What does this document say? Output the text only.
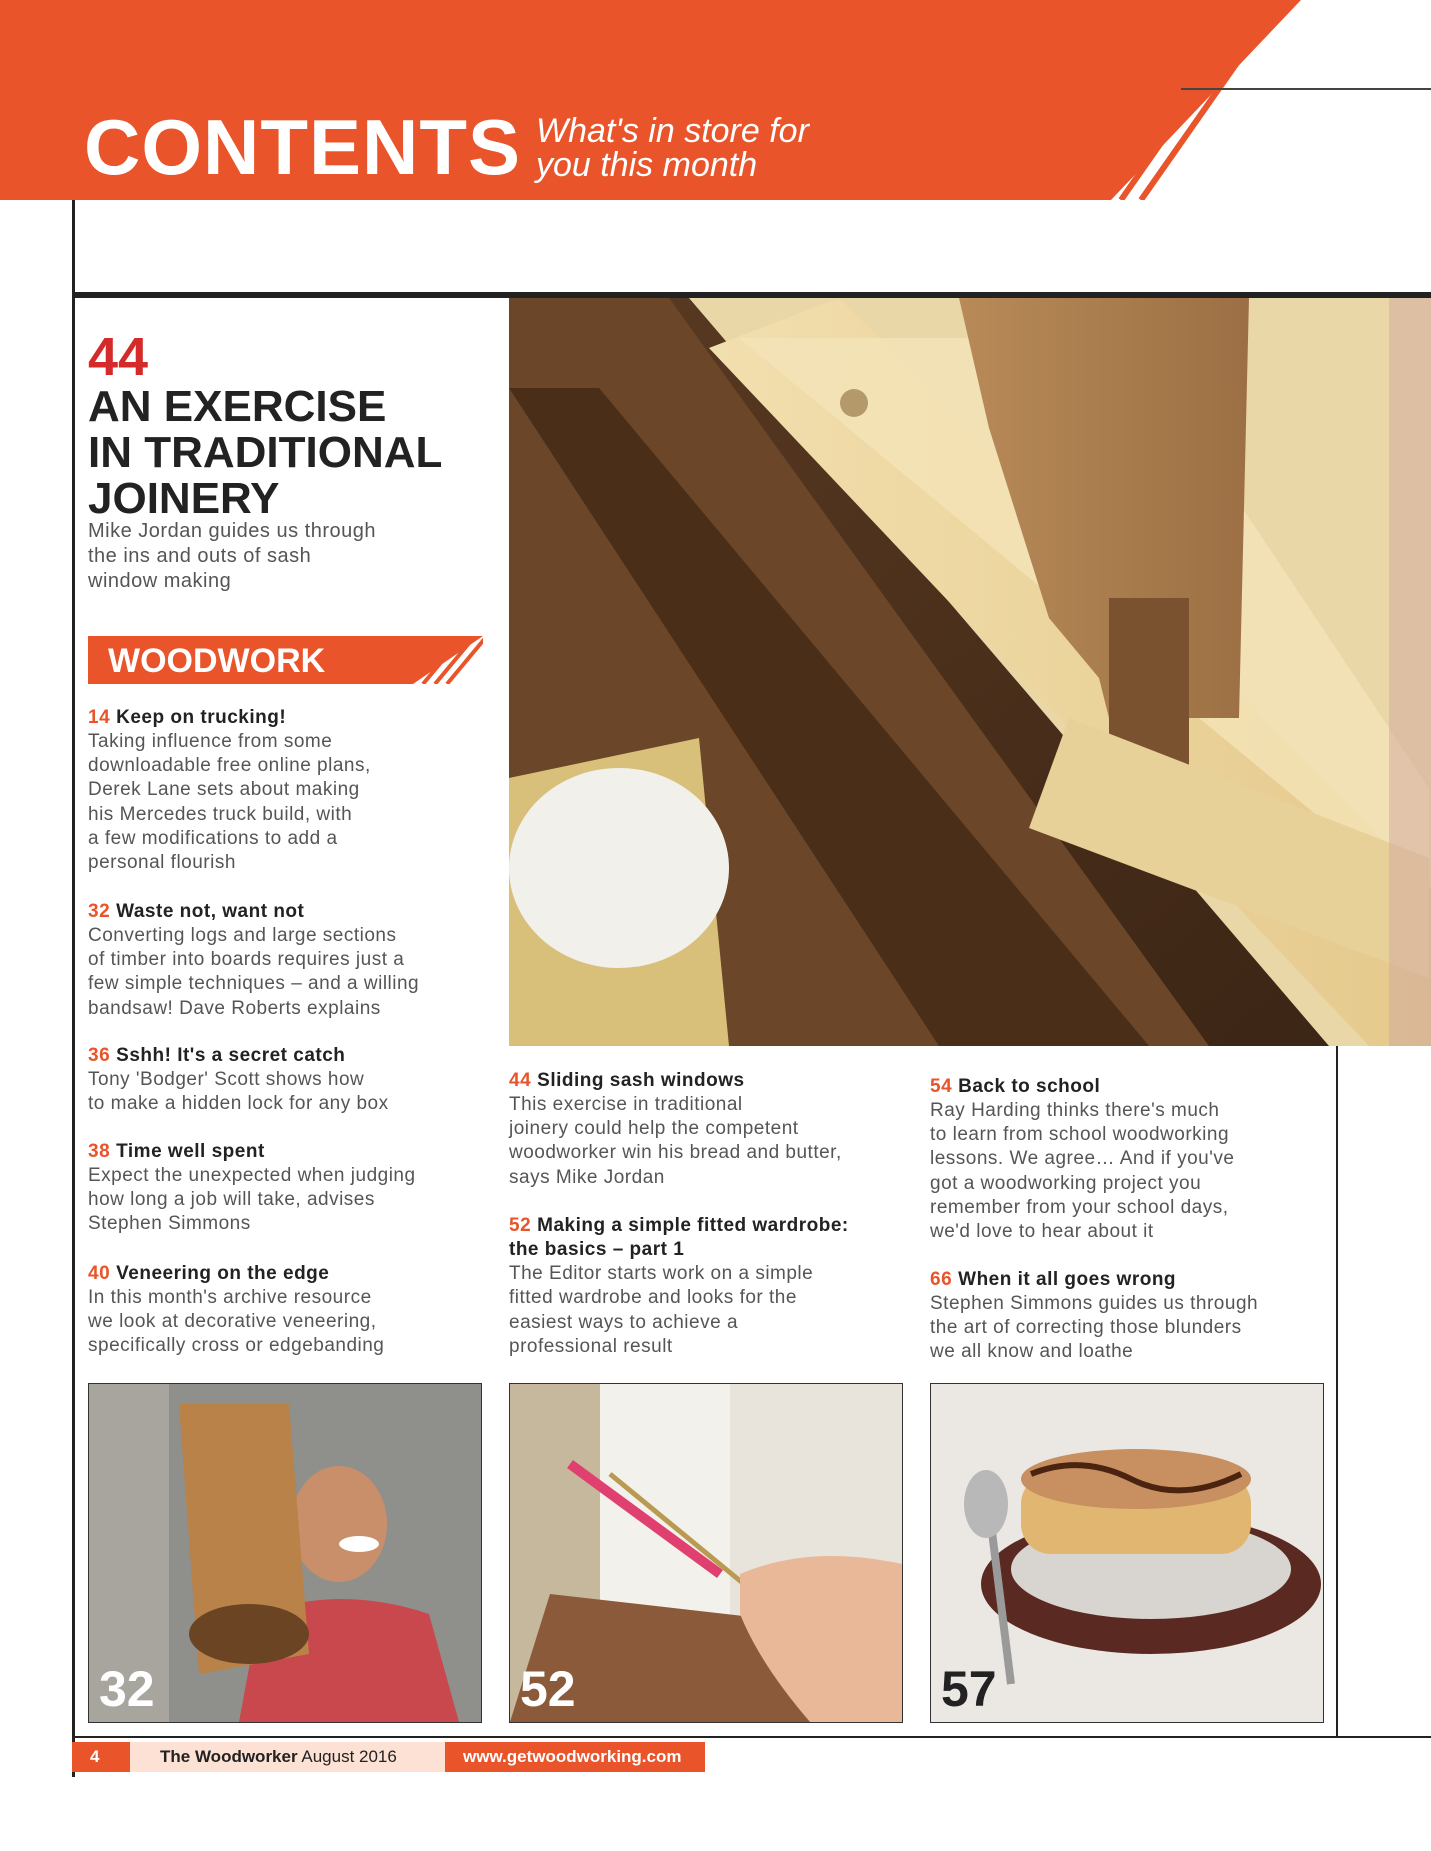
CONTENTS What's in store for
you this month
44
AN EXERCISE
IN TRADITIONAL
JOINERY
Mike Jordan guides us through
the ins and outs of sash
window making
WOODWORK
14 Keep on trucking!
Taking influence from some
downloadable free online plans,
Derek Lane sets about making
his Mercedes truck build, with
a few modifications to add a
personal flourish
32 Waste not, want not
Converting logs and large sections
of timber into boards requires just a
few simple techniques – and a willing
bandsaw! Dave Roberts explains
36 Sshh! It's a secret catch
Tony 'Bodger' Scott shows how
to make a hidden lock for any box
38 Time well spent
Expect the unexpected when judging
how long a job will take, advises
Stephen Simmons
40 Veneering on the edge
In this month's archive resource
we look at decorative veneering,
specifically cross or edgebanding
44 Sliding sash windows
This exercise in traditional
joinery could help the competent
woodworker win his bread and butter,
says Mike Jordan
52 Making a simple fitted wardrobe:
the basics – part 1
The Editor starts work on a simple
fitted wardrobe and looks for the
easiest ways to achieve a
professional result
54 Back to school
Ray Harding thinks there's much
to learn from school woodworking
lessons. We agree… And if you've
got a woodworking project you
remember from your school days,
we'd love to hear about it
66 When it all goes wrong
Stephen Simmons guides us through
the art of correcting those blunders
we all know and loathe
32	52	57
4	The Woodworker August 2016	www.getwoodworking.com
